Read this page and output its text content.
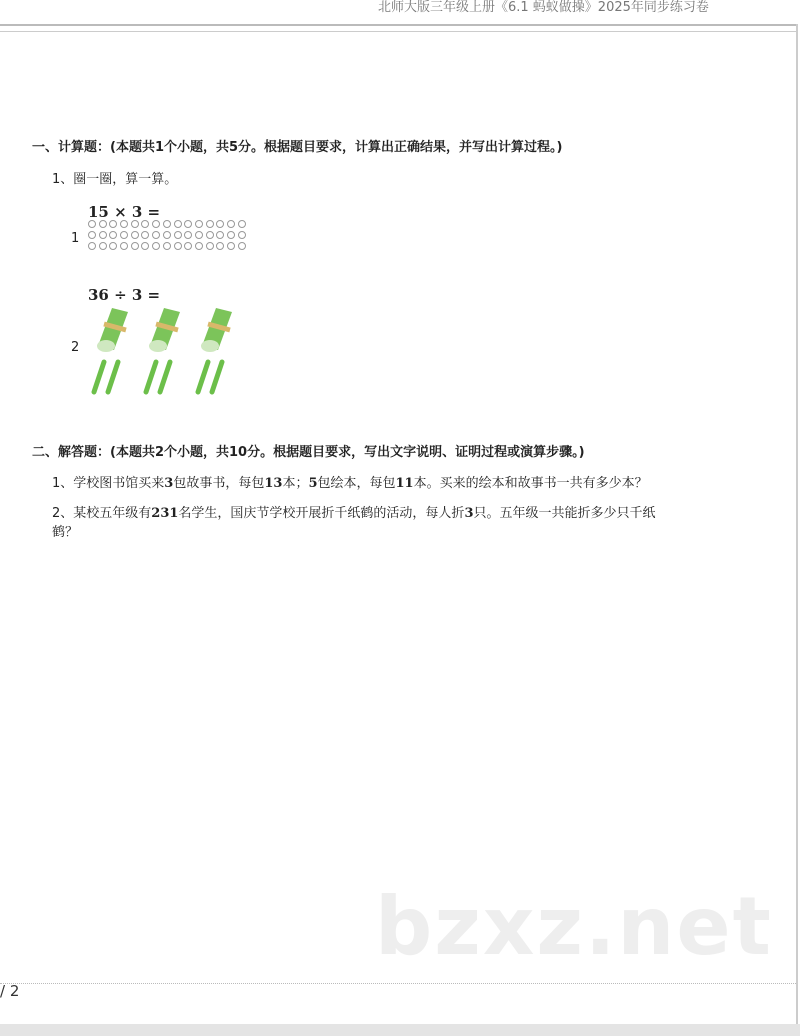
北师大版三年级上册《6.1 蚂蚁做操》2025年同步练习卷
一、计算题：(本题共1个小题，共5分。根据题目要求，计算出正确结果，并写出计算过程。)
1、圈一圈，算一算。
15 × 3 =
1
36 ÷ 3 =
2
二、解答题：(本题共2个小题，共10分。根据题目要求，写出文字说明、证明过程或演算步骤。)
1、学校图书馆买来3包故事书，每包13本；5包绘本，每包11本。买来的绘本和故事书一共有多少本？
2、某校五年级有231名学生，国庆节学校开展折千纸鹤的活动，每人折3只。五年级一共能折多少只千纸
鹤？
bzxz.net
/ 2
